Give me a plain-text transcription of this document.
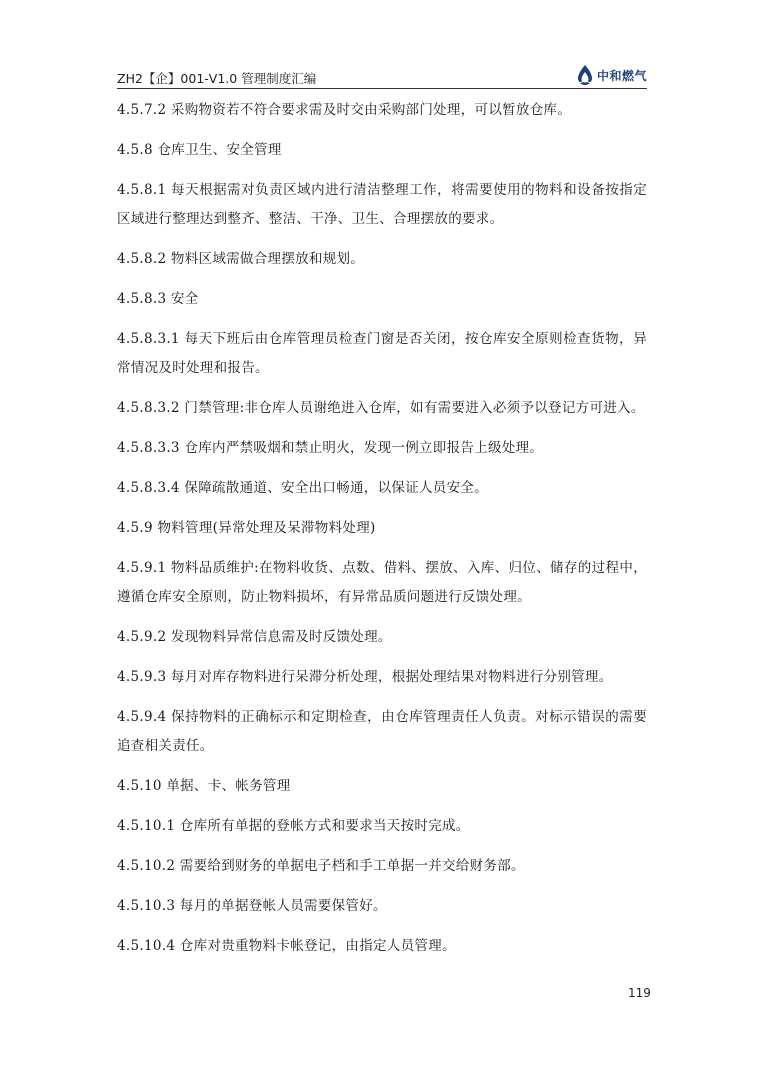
ZH2【企】001-V1.0 管理制度汇编	中和燃气

4.5.7.2 采购物资若不符合要求需及时交由采购部门处理，可以暂放仓库。

4.5.8 仓库卫生、安全管理

4.5.8.1 每天根据需对负责区域内进行清洁整理工作，将需要使用的物料和设备按指定区域进行整理达到整齐、整洁、干净、卫生、合理摆放的要求。

4.5.8.2 物料区域需做合理摆放和规划。

4.5.8.3 安全

4.5.8.3.1 每天下班后由仓库管理员检查门窗是否关闭，按仓库安全原则检查货物，异常情况及时处理和报告。

4.5.8.3.2 门禁管理:非仓库人员谢绝进入仓库，如有需要进入必须予以登记方可进入。

4.5.8.3.3 仓库内严禁吸烟和禁止明火，发现一例立即报告上级处理。

4.5.8.3.4 保障疏散通道、安全出口畅通，以保证人员安全。

4.5.9 物料管理(异常处理及呆滞物料处理)

4.5.9.1 物料品质维护:在物料收货、点数、借料、摆放、入库、归位、储存的过程中，遵循仓库安全原则，防止物料损坏，有异常品质问题进行反馈处理。

4.5.9.2 发现物料异常信息需及时反馈处理。

4.5.9.3 每月对库存物料进行呆滞分析处理，根据处理结果对物料进行分别管理。

4.5.9.4 保持物料的正确标示和定期检查，由仓库管理责任人负责。对标示错误的需要追查相关责任。

4.5.10 单据、卡、帐务管理

4.5.10.1 仓库所有单据的登帐方式和要求当天按时完成。

4.5.10.2 需要给到财务的单据电子档和手工单据一并交给财务部。

4.5.10.3 每月的单据登帐人员需要保管好。

4.5.10.4 仓库对贵重物料卡帐登记，由指定人员管理。

119
